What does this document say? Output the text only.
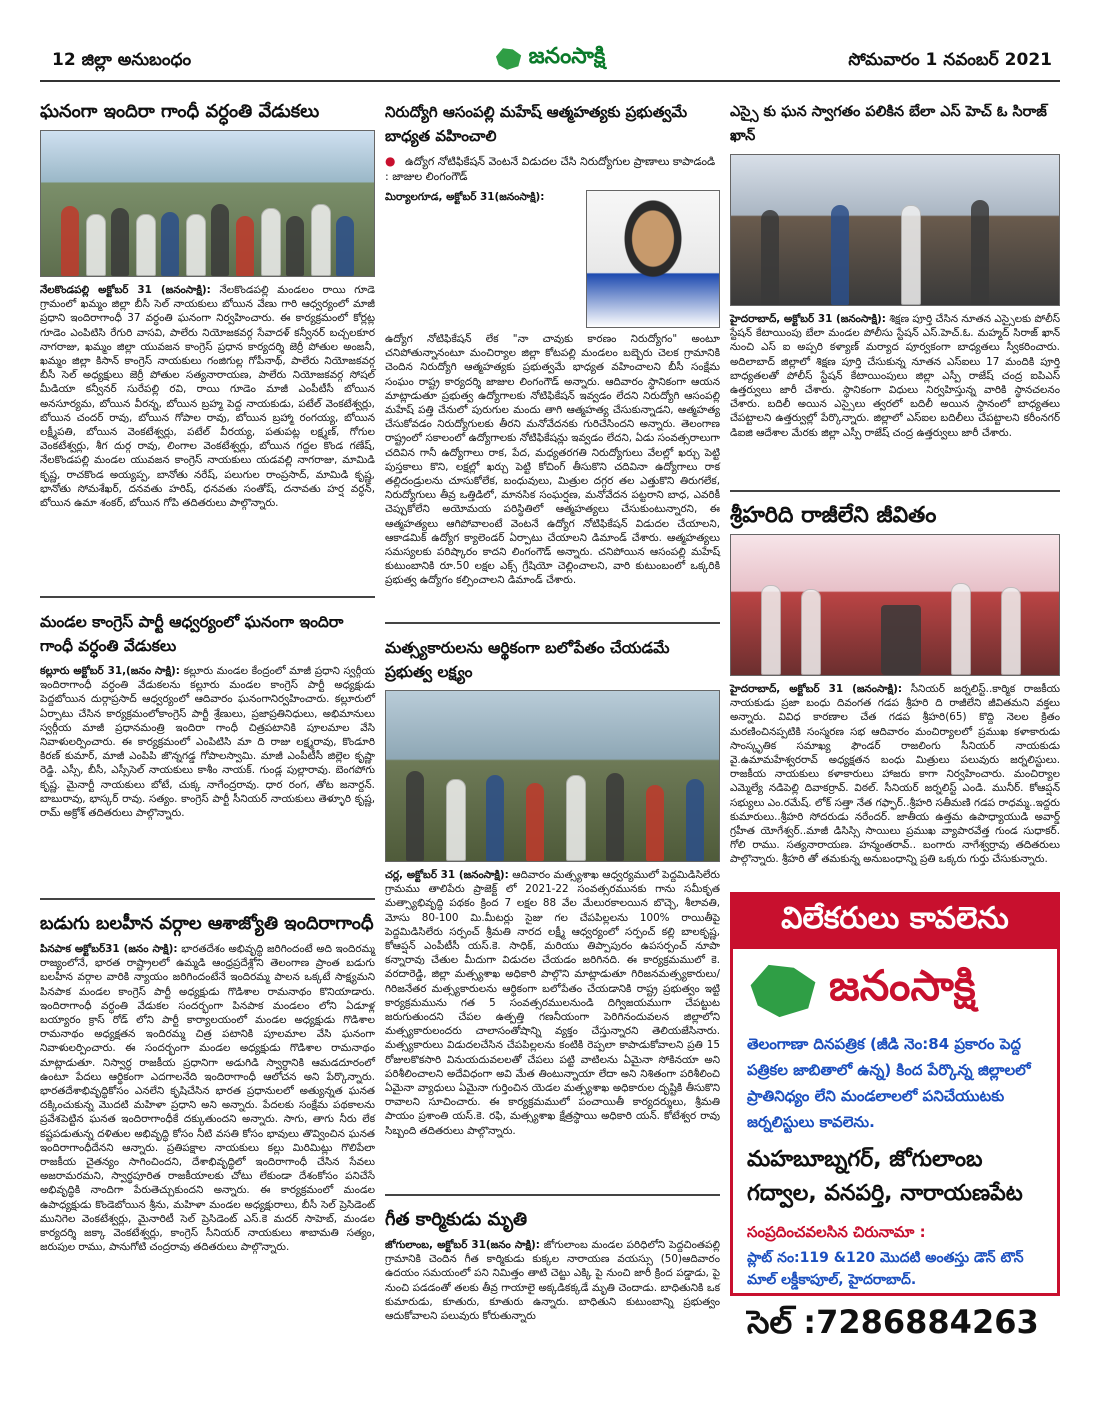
12 జిల్లా అనుబంధం	జనంసాక్షి	సోమవారం 1 నవంబర్ 2021
ఘనంగా ఇందిరా గాంధీ వర్ధంతి వేడుకలు
నేలకొండపల్లి అక్టోబర్ 31 (జనంసాక్షి): నేలకొండపల్లి మండలం రాయి గూడె గ్రామంలో ఖమ్మం జిల్లా బీసీ సెల్ నాయకులు బోయిన వేణు గారి ఆధ్వర్యంలో మాజీ ప్రధాని ఇందిరాగాంధీ 37 వర్ధంతి ఘనంగా నిర్వహించారు. ఈ కార్యక్రమంలో కోర్లట్ల గూడెం ఎంపిటిసి రేగురి వాసవి, పాలేరు నియోజకవర్గ సేవాదళ్ కన్వీనర్ బచ్చలకూర నాగరాజు, ఖమ్మం జిల్లా యువజన కాంగ్రెస్ ప్రధాన కార్యదర్శి జెర్రీ పోతుల అంజనీ, ఖమ్మం జిల్లా కిసాన్ కాంగ్రెస్ నాయకులు గంజిగుల్ల గోపీనాథ్, పాలేరు నియోజకవర్గ బీసీ సెల్ అధ్యక్షులు జెర్రీ పోతుల సత్యనారాయణ, పాలేరు నియోజకవర్గ సోషల్ మీడియా కన్వీనర్ సురేపల్లి రవి, రాయి గూడెం మాజీ ఎంపీటీసీ బోయిన అనసూర్యమ, బోయిన వీరన్న, బోయిన బ్రహ్మ పెద్ద నాయకుడు, పటేల్ వెంకటేశ్వర్లు, బోయిన చందర్ రావు, బోయిన గోపాల రావు, బోయిన బ్రహ్మా రంగయ్య, బోయిన లక్ష్మీపతి, బోయిన వెంకటేశ్వర్లు, పటేల్ వీరయ్య, పతుపట్ల లక్ష్మణ్, గోగుల వెంకటేశ్వర్లు, శీగ దుర్గ రావు, లింగాల వెంకటేశ్వర్లు, బోయిన గద్దల కొండ గణేష్, నేలకొండపల్లి మండల యువజన కాంగ్రెస్ నాయకులు యడవల్లి నాగరాజు, మామిడి కృష్ణ, రాచకొండ అయ్యప్ప, బానోతు నరేష్, పలుగుల రాంప్రసాద్, మామిడి కృష్ణ, భానోతు సోమశేఖర్, దనవతు హరిష్, ధనవతు సంతోష్, దనావతు హర్ష వర్ధన్, బోయిన ఉమా శంకర్, బోయిన గోపి తదితరులు పాల్గొన్నారు.
మండల కాంగ్రెస్ పార్టీ ఆధ్వర్యంలో ఘనంగా ఇందిరా గాంధీ వర్ధంతి వేడుకలు
కల్లూరు అక్టోబర్ 31,(జనం సాక్షి): కల్లూరు మండల కేంద్రంలో మాజీ ప్రధాని స్వర్గీయ ఇందిరాగాంధీ వర్ధంతి వేడుకలను కల్లూరు మండల కాంగ్రెస్ పార్టీ అధ్యక్షుడు పెద్దబోయిన దుర్గాప్రసాద్ ఆధ్వర్యంలో ఆదివారం ఘనంగానిర్వహించారు. కల్లూరులో ఏర్పాటు చేసిన కార్యక్రమంలోకాంగ్రెస్ పార్టీ శ్రేణులు, ప్రజాప్రతినిధులు, అభిమానులు స్వర్గీయ మాజీ ప్రధానమంత్రి ఇందిరా గాంధీ చిత్రపటానికి పూలమాల వేసి నివాళులర్పించారు. ఈ కార్యక్రమంలో ఎంపిటిసి మా ది రాజు లక్ష్మరావు, కొండూరి కిరణ్ కుమార్, మాజీ ఎంపిపి జొన్నగడ్డ గోపాలస్వామి. మాజీ ఎంపీటీసీ జిల్లెల కృష్ణా రెడ్డి. ఎస్సీ, బీసీ, ఎస్సీసెల్ నాయకులు కాశీం నాయక్. గుండ్ల పుల్లారావు. బెంగపోగు కృష్ణ. మైనార్టీ నాయకులు బోటే, చుక్క నాగేంద్రరావు. ధార రంగ, తోట జనార్దన్. బాబురావు, భాస్కర్ రావు. సత్యం. కాంగ్రెస్ పార్టీ సీనియర్ నాయకులు తెళ్ళూరి కృష్ణ, రామ్ అక్రోశ్ తదితరులు పాల్గొన్నారు.
బడుగు బలహీన వర్గాల ఆశాజ్యోతి ఇందిరాగాంధీ
పినపాక అక్టోబర్31 (జనం సాక్షి): భారతదేశం అభివృద్ధి జరిగిందంటే అది ఇందిరమ్మ రాజ్యంలోనే, భారత రాష్ట్రాలలో ఉమ్మడి ఆంధ్రప్రదేశ్లోని తెలంగాణ ప్రాంత బడుగు బలహీన వర్గాల వారికి న్యాయం జరిగిందంటేనే ఇందిరమ్మ పాలన ఒక్కటే సాక్ష్యమని పినపాక మండల కాంగ్రెస్ పార్టీ అధ్యక్షుడు గొడిశాల రామనాథం కొనియాడారు. ఇందిరాగాంధీ వర్ధంతి వేడుకల సందర్భంగా పినపాక మండలం లోని ఏడూళ్ల బయ్యారం క్రాస్ రోడ్ లోని పార్టీ కార్యాలయంలో మండల అధ్యక్షుడు గొడిశాల రామనాథం అధ్యక్షతన ఇందిరమ్మ చిత్ర పటానికి పూలమాల వేసి ఘనంగా నివాళులర్పించారు. ఈ సందర్భంగా మండల అధ్యక్షుడు గొడిశాల రామనాథం మాట్లాడుతూ. నిస్వార్ధ రాజకీయ ప్రధానిగా అడుగిడి స్వార్ధానికి ఆమడదూరంలో ఉంటూ పేదలు ఆర్థికంగా ఎదగాలనేది ఇందిరాగాంధీ ఆలోచన అని పేర్కొన్నారు. భారతదేశాభివృద్ధికోసం ఎనలేని కృషిచేసిన భారత ప్రధానులలో అత్యున్నత ఘనత దక్కించుకున్న మొదటి మహిళా ప్రధాని అని అన్నారు. పేదలకు సంక్షేమ పథకాలను ప్రవేశపెట్టిన ఘనత ఇందిరాగాంధీకే దక్కుతుందని అన్నారు. సాగు, తాగు నీరు లేక కష్టపడుతున్న దళితుల అభివృద్ధి కోసం నీటి వసతి కోసం భావులు తొవ్వించిన ఘనత ఇందిరాగాంధీదేనని ఆన్నారు. ప్రతిపక్షాల నాయకులు కల్లు మిరిమిట్లు గొలిపేలా రాజకీయ చైతన్యం సాగించిందని, దేశాభివృద్ధిలో ఇందిరాగాంధీ చేసిన సేవలు అజరామరమని, స్వార్థపూరిత రాజకీయాలకు చోటు లేకుండా దేశంకోసం పనిచేసే అభివృద్ధికి నాందిగా పేరుతెచ్చుకుందని అన్నారు. ఈ కార్యక్రమంలో మండల ఉపాధ్యక్షుడు కొండెబోయిన శ్రీను, మహిళా మండల అధ్యక్షురాలు, బీసీ సెల్ ప్రెసిడెంట్ మునిగెల వెంకటేశ్వర్లు, మైనారిటీ సెల్ ప్రెసిడెంట్ ఎస్.కె మదర్ సాహెబ్, మండల కార్యదర్శి జక్కా వెంకటేశ్వర్లు, కాంగ్రెస్ సీనియర్ నాయకులు శాబామతి సత్యం, జరుపుల రాము, పానుగోటి చంద్రరావు తదితరులు పాల్గొన్నారు.
నిరుద్యోగి ఆసంపల్లి మహేష్ ఆత్మహత్యకు ప్రభుత్వమే బాధ్యత వహించాలి
● ఉద్యోగ నోటిఫికేషన్ వెంటనే విడుదల చేసి నిరుద్యోగుల ప్రాణాలు కాపాడండి : జాజుల లింగంగౌడ్
మిర్యాలగూడ, అక్టోబర్ 31(జనంసాక్షి):
ఉద్యోగ నోటిఫికేషన్ లేక "నా చావుకు కారణం నిరుద్యోగం" అంటూ చనిపోతున్నానంటూ మంచిర్యాల జిల్లా కోటపల్లి మండలం బబ్బెరు చెలక గ్రామానికి చెందిన నిరుద్యోగి ఆత్మహత్యకు ప్రభుత్వమే భాధ్యత వహించాలని బీసీ సంక్షేమ సంఘం రాష్ట్ర కార్యదర్శి జాజుల లింగంగౌడ్ అన్నారు. ఆదివారం స్థానికంగా ఆయన మాట్లాడుతూ ప్రభుత్వ ఉద్యోగాలకు నోటిఫికేషన్ ఇవ్వడం లేదని నిరుద్యోగి ఆసంపల్లి మహేష్ పత్తి చేనులో పురుగుల మందు తాగి ఆత్మహత్య చేసుకున్నాడని, ఆత్మహత్య చేసుకోవడం నిరుద్యోగులకు తీరని మనోవేదనకు గురిచేసిందని అన్నారు. తెలంగాణ రాష్ట్రంలో సకాలంలో ఉద్యోగాలకు నోటిఫికేషన్లు ఇవ్వడం లేదని, ఏడు సంవత్సరాలుగా చదివిన గానీ ఉద్యోగాలు రాక, పేద, మధ్యతరగతి నిరుద్యోగులు వేలల్లో ఖర్చు పెట్టి పుస్తకాలు కొని, లక్షల్లో ఖర్చు పెట్టి కోచింగ్ తీసుకొని చదివినా ఉద్యోగాలు రాక తల్లిదండ్రులను చూసుకోలేక, బంధువులు, మిత్రుల దగ్గర తల ఎత్తుకొని తిరుగలేక, నిరుద్యోగులు తీవ్ర ఒత్తిడిలో, మానసిక సంఘర్షణ, మనోవేదన పట్టరాని బాధ, ఎవరికీ చెప్పుకోలేని అయోమయ పరిస్థితిలో ఆత్మహత్యలు చేసుకుంటున్నారని, ఈ ఆత్మహత్యలు ఆగిపోవాలంటే వెంటనే ఉద్యోగ నోటిఫికేషన్ విడుదల చేయాలని, ఆకాడమిక్ ఉద్యోగ క్యాలెండర్ ఏర్పాటు చేయాలని డిమాండ్ చేశారు. ఆత్మహత్యలు సమస్యలకు పరిష్కారం కాదని లింగంగౌడ్ అన్నారు. చనిపోయిన ఆసంపల్లి మహేష్ కుటుంబానికి రూ.50 లక్షల ఎక్స్ గ్రేషియో చెల్లించాలని, వారి కుటుంబంలో ఒక్కరికి ప్రభుత్వ ఉద్యోగం కల్పించాలని డిమాండ్ చేశారు.
మత్స్యకారులను ఆర్థికంగా బలోపేతం చేయడమే ప్రభుత్వ లక్ష్యం
చర్ల, అక్టోబర్ 31 (జనంసాక్షి): ఆదివారం మత్స్యశాఖ ఆధ్వర్యములో పెద్దమిడిసిలేరు గ్రామము తాలిపేరు ప్రాజెక్ట్ లో 2021-22 సంవత్సరమునకు గాను సమీకృత మత్స్యాభివృద్ధి పథకం క్రింద 7 లక్షల 88 వేల మేలురకాలయిన బొచ్చె, శీలావతి, మోసు 80-100 మి.మీటర్లు సైజు గల చేపపిల్లలను 100% రాయితీపై పెద్దమిడిసిలేరు సర్పంచ్ శ్రీమతి నారద లక్ష్మీ ఆధ్వర్యంలో సర్పంచ్ కల్లి బాలకృష్ణ, కోఆప్షన్ ఎంపీటీసీ యస్.కె. సాధిక్, మరియు తిప్పాపురం ఉపసర్పంచ్ నూపా కన్నారావు చేతుల మీదుగా విడుదల చేయడం జరిగినది. ఈ కార్యక్రమములో కె. వరదారెడ్డి, జిల్లా మత్స్యశాఖ అధికారి పాల్గొని మాట్లాడుతూ గిరిజనమత్స్యకారులు/గిరిజనేతర మత్స్యకారులను ఆర్థికంగా బలోపేతం చేయడానికి రాష్ట్ర ప్రభుత్వం ఇట్టి కార్యక్రమమును గత 5 సంవత్సరములనుండి దిగ్విజయముగా చేపట్టుట జరుగుతుందని చేపల ఉత్పత్తి గణనీయంగా పెరిగినందువలన జిల్లాలోని మత్స్యకారులందరు చాలాసంతోషాన్ని వ్యక్తం చేస్తున్నారని తెలియజేసినారు. మత్స్యకారులు విడుదలచేసిన చేపపిల్లలను కంటికి రెప్పలా కాపాడుకోవాలని ప్రతి 15 రోజులకొకసారి వినుయదువలలతో చేపలు పట్టి వాటిలను ఏమైనా సోకినయా అని పరిశీలించాలని అదేవిధంగా అవి మేత తింటున్నాయా లేదా అని నిశితంగా పరిశీలించి ఏమైనా వ్యాధులు ఏమైనా గుర్తించిన యెడల మత్స్యశాఖ అధికారుల దృష్టికి తీసుకొని రావాలని సూచించారు. ఈ కార్యక్రమములో పంచాయితీ కార్యదర్శులు, శ్రీమతి పాయం ప్రశాంతి యస్.కె. రఫి, మత్స్యశాఖ క్షేత్రస్థాయి అధికారి యన్. కోటేశ్వర రావు సిబ్బంది తదితరులు పాల్గొన్నారు.
గీత కార్మికుడు మృతి
జోగులాంబ, అక్టోబర్ 31(జనం సాక్షి): జోగులాంబ మండల పరిధిలోని పెద్దచింతపల్లి గ్రామానికి చెందిన గీత కార్మికుడు కుక్కల నారాయణ వయస్సు (50)ఆదివారం ఉదయం సమయంలో పని నిమిత్తం తాటి చెట్టు ఎక్కి పై నుంచి జారీ క్రింద పడ్డాడు, పై నుంచి పడడంతో తలకు తీవ్ర గాయాలై అక్కడికక్కడే మృతి చెందాడు. బాధితునికి ఒక కుమారుడు, కూతురు, కూతురు ఉన్నారు. బాధితుని కుటుంబాన్ని ప్రభుత్వం ఆదుకోవాలని పలువురు కోరుతున్నారు
ఎస్సై కు ఘన స్వాగతం పలికిన బేలా ఎస్ హెచ్ ఓ సిరాజ్ ఖాన్
హైదరాబాద్, అక్టోబర్ 31 (జనంసాక్షి): శిక్షణ పూర్తి చేసిన నూతన ఎస్సైలకు పోలీస్ స్టేషన్ కేటాయింపు బేలా మండల పోలీసు స్టేషన్ ఎస్.హెచ్.ఓ. మహ్మద్ సిరాజ్ ఖాన్ నుంచి ఎస్ ఐ అప్పరి కళ్యాణ్ మర్యాద పూర్వకంగా బాధ్యతలు స్వీకరించారు. అదిలాబాద్ జిల్లాలో శిక్షణ పూర్తి చేసుకున్న నూతన ఎస్ఐలు 17 మందికి పూర్తి బాధ్యతలతో పోలీస్ స్టేషన్ కేటాయింపులు జిల్లా ఎస్పీ రాజేష్ చంద్ర ఐపిఎస్ ఉత్తర్వులు జారీ చేశారు. స్థానికంగా విధులు నిర్వహిస్తున్న వారికి స్థానచలనం చేశారు. బదిలీ అయిన ఎస్సైలు త్వరలో బదిలీ అయిన స్థానంలో బాధ్యతలు చేపట్టాలని ఉత్తర్వుల్లో పేర్కొన్నారు. జిల్లాలో ఎస్ఐల బదిలీలు చేపట్టాలని కరీంనగర్ డిఐజి ఆదేశాల మేరకు జిల్లా ఎస్పీ రాజేష్ చంద్ర ఉత్తర్వులు జారీ చేశారు.
శ్రీహరిది రాజీలేని జీవితం
హైదరాబాద్, అక్టోబర్ 31 (జనంసాక్షి): సీనియర్ జర్నలిస్ట్..కార్మిక రాజకీయ నాయకుడు ప్రజా బంధు దివంగత గడప శ్రీహరి ది రాజీలేని జీవితమని వక్తలు అన్నారు. వివిధ కారణాల చేత గడప శ్రీహరి(65) కొద్ది నెలల క్రితం మరణించినప్పటికి సంస్మరణ సభ ఆదివారం మంచిర్యాలలో ప్రముఖ కళాకారుడు సాంస్కృతిక సమాఖ్య ఫౌండర్ రాజలింగు సీనియర్ నాయకుడు వై.ఉమామహేశ్వరరావ్ అధ్యక్షతన బంధు మిత్రులు పలువురు జర్నలిస్టులు. రాజకీయ నాయకులు కళాకారులు హాజరు కాగా నిర్వహించారు. మంచిర్యాల ఎమ్మెల్యే నడిపెల్లి దివాకర్రావ్. విఠల్. సీనియర్ జర్నలిస్ట్ ఎండి. మునీర్. కోఆప్షన్ సభ్యులు ఎం.రమేష్. లోక్ సత్తా నేత గఫ్ఫార్..శ్రీహరి సతీమణి గడప రాధమ్మ..ఇద్దరు కుమారులు..శ్రీహరి సోదరుడు నరేందర్. జాతీయ ఉత్తమ ఉపాధ్యాయుడి అవార్డ్ గ్రహీత యోగేశ్వర్..మాజీ డిసిస్సి సాయిలు ప్రముఖ వ్యాపారవేత్త గుండ సుధాకర్. గోలి రాము. సత్యనారాయణ. హన్మంతరావ్.. బంగారు నాగేశ్వర్రావు తదితరులు పాల్గొన్నారు. శ్రీహరి తో తమకున్న అనుబంధాన్ని ప్రతి ఒక్కరు గుర్తు చేసుకున్నారు.
విలేకరులు కావలెను
జనంసాక్షి
తెలంగాణా దినపత్రిక (జీడి నెం:84 ప్రకారం పెద్ద పత్రికల జాబితాలో ఉన్న) కింద పేర్కొన్న జిల్లాలలో ప్రాతినిధ్యం లేని మండలాలలో పనిచేయుటకు జర్నలిస్టులు కావలెను.
మహబూబ్నగర్, జోగులాంబ గద్వాల, వనపర్తి, నారాయణపేట
సంప్రదించవలసిన చిరునామా :
ప్లాట్ నం:119 &120 మొదటి అంతస్తు డౌన్ టౌన్ మాల్ లక్డీకాపూల్, హైదరాబాద్.
సెల్ :7286884263
